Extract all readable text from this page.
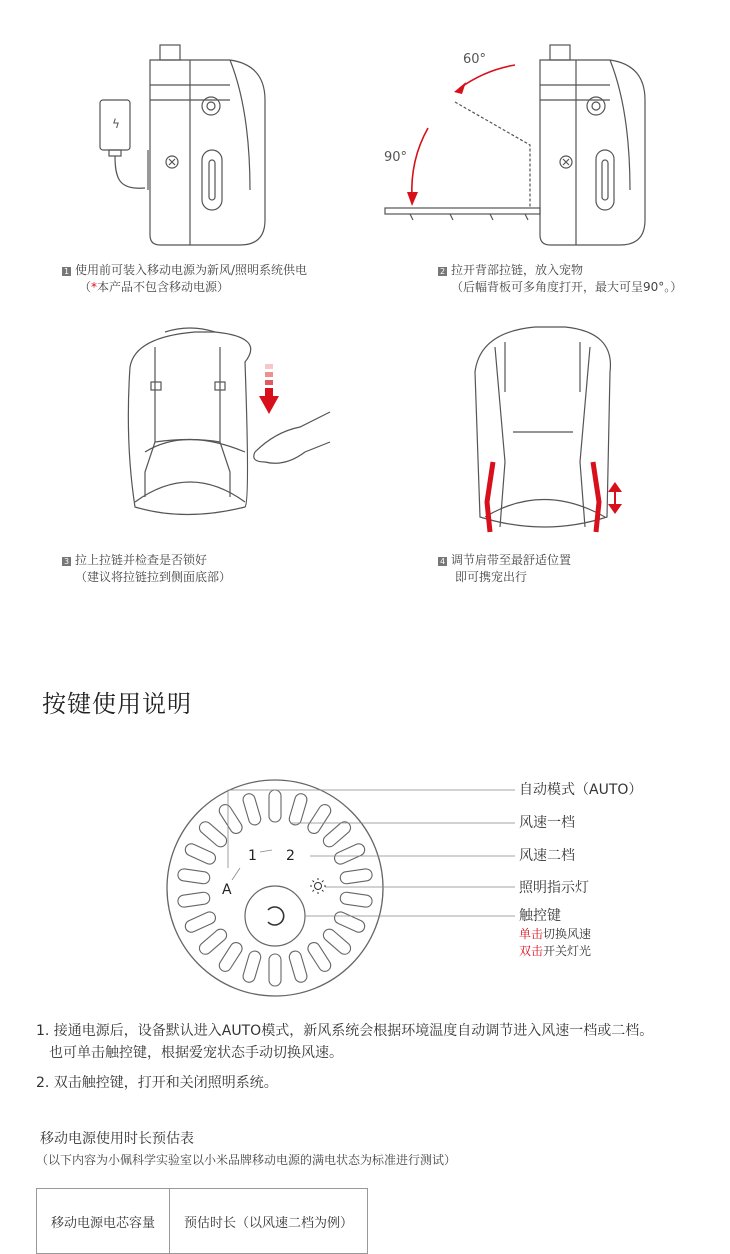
ϟ
60°
90°
1 使用前可装入移动电源为新风/照明系统供电
（*本产品不包含移动电源）
2 拉开背部拉链，放入宠物
（后幅背板可多角度打开，最大可呈90°。）
3 拉上拉链并检查是否锁好
（建议将拉链拉到侧面底部）
4 调节肩带至最舒适位置
即可携宠出行
按键使用说明
1 2
A
自动模式（AUTO）
风速一档
风速二档
照明指示灯
触控键
单击切换风速
双击开关灯光
1. 接通电源后，设备默认进入AUTO模式，新风系统会根据环境温度自动调节进入风速一档或二档。
也可单击触控键，根据爱宠状态手动切换风速。
2. 双击触控键，打开和关闭照明系统。
移动电源使用时长预估表
（以下内容为小佩科学实验室以小米品牌移动电源的满电状态为标准进行测试）
移动电源电芯容量	预估时长（以风速二档为例）
